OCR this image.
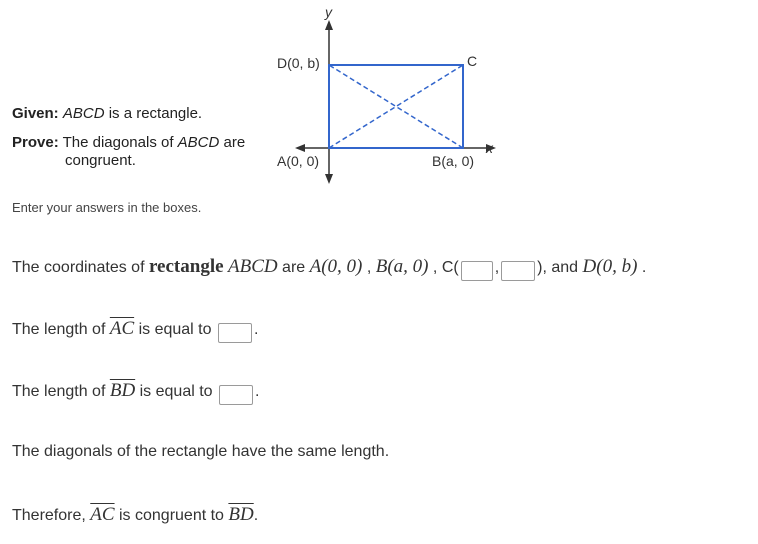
Given: ABCD is a rectangle.
Prove: The diagonals of ABCD are
congruent.
y
x
D(0, b)	C
A(0, 0)	B(a, 0)
Enter your answers in the boxes.
The coordinates of rectangle ABCD are A(0, 0) , B(a, 0) , C( , ), and D(0, b) .
The length of $\overline{AC}$ is equal to .
The length of $\overline{BD}$ is equal to .
The diagonals of the rectangle have the same length.
Therefore, $\overline{AC}$ is congruent to $\overline{BD}$.
